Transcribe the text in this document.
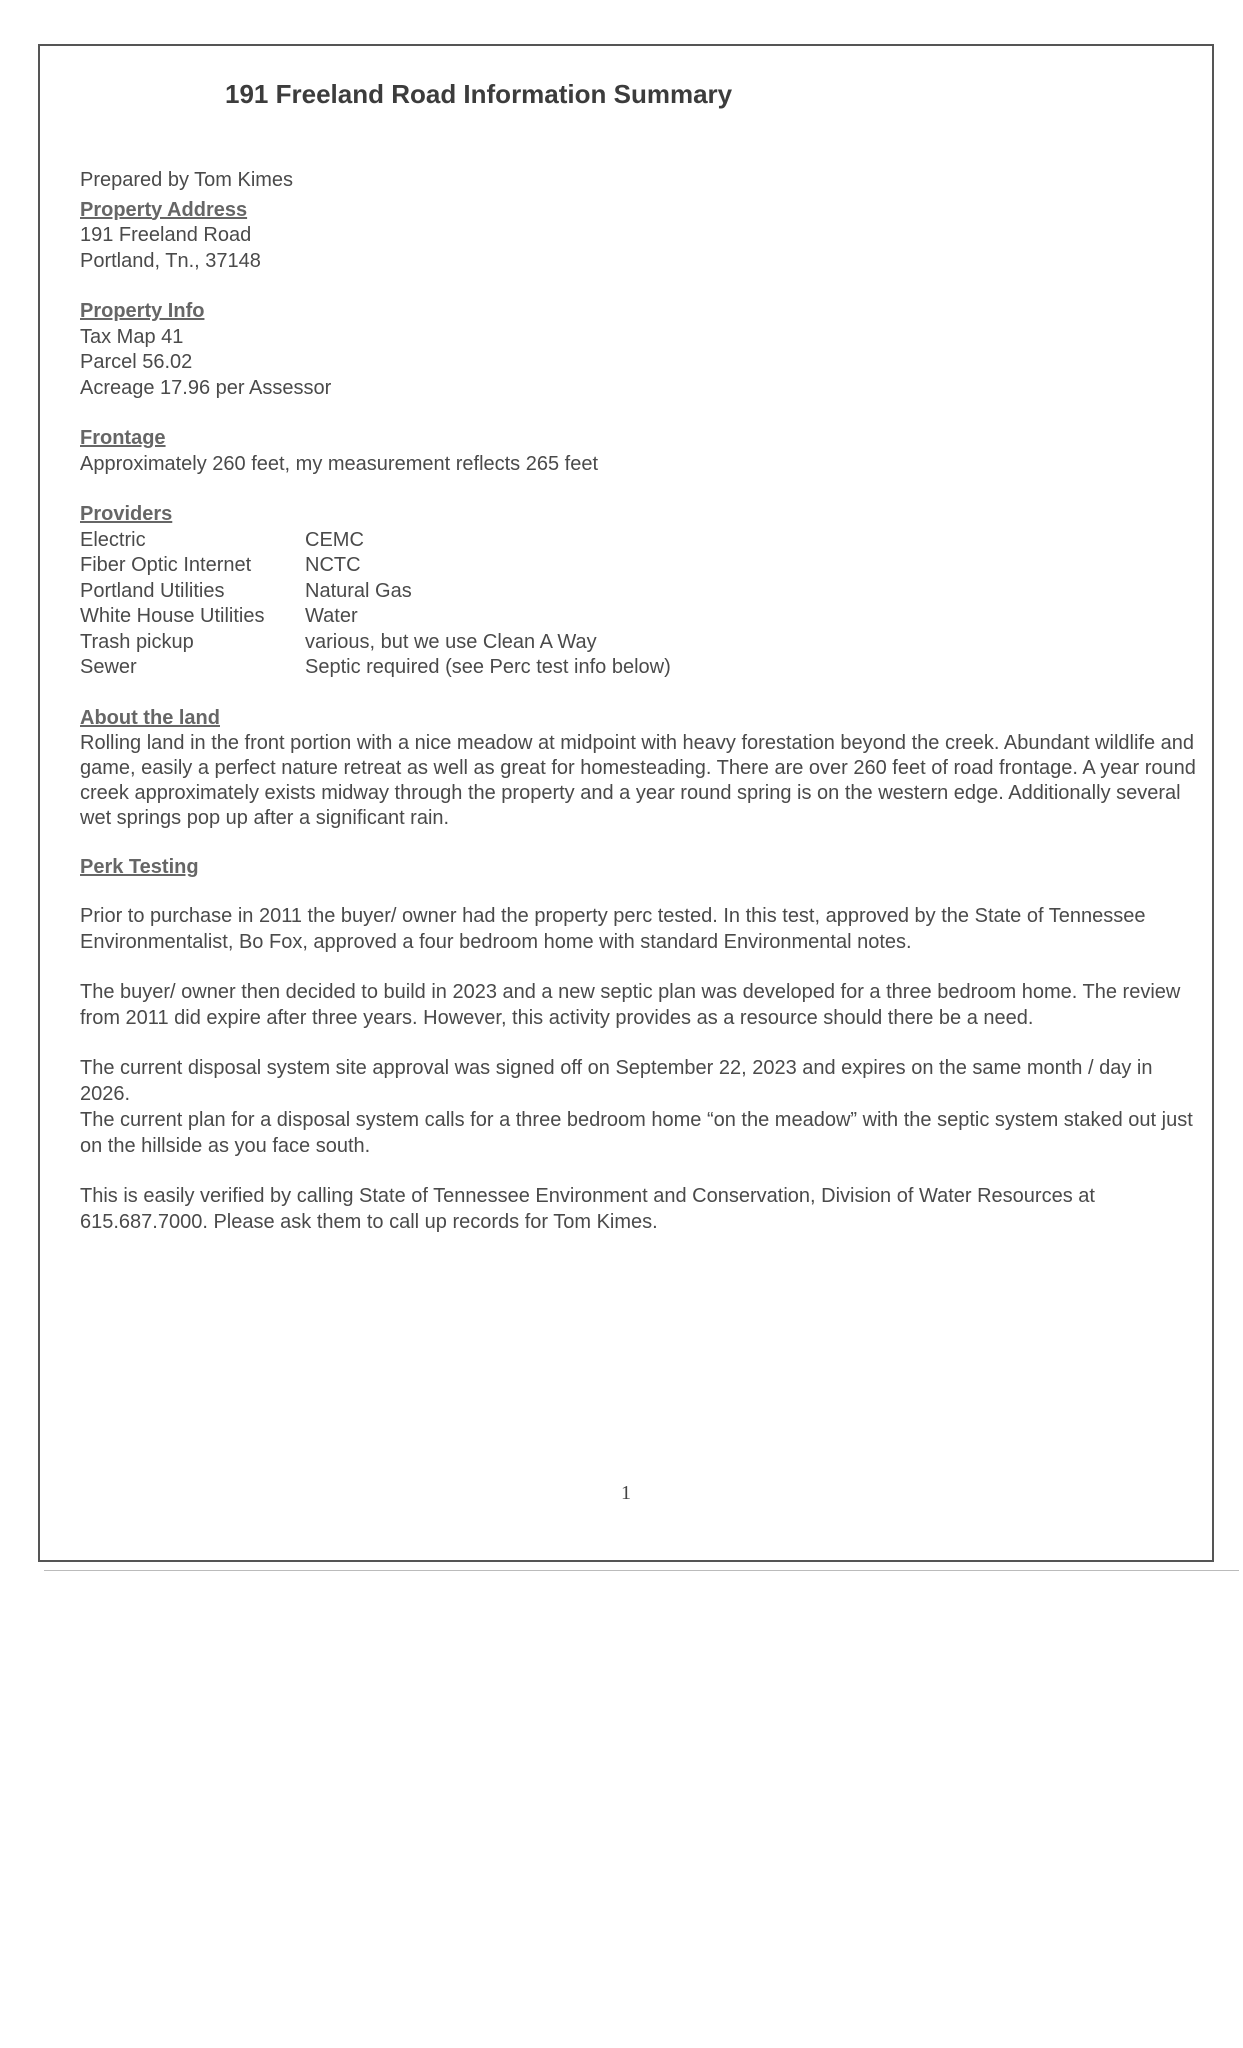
191 Freeland Road Information Summary
Prepared by Tom Kimes
Property Address
191 Freeland Road
Portland, Tn., 37148
Property Info
Tax Map 41
Parcel 56.02
Acreage 17.96 per Assessor
Frontage
Approximately 260 feet, my measurement reflects 265 feet
Providers
Electric	CEMC
Fiber Optic Internet	NCTC
Portland Utilities	Natural Gas
White House Utilities	Water
Trash pickup	various, but we use Clean A Way
Sewer	Septic required (see Perc test info below)
About the land

Rolling land in the front portion with a nice meadow at midpoint with heavy forestation beyond the creek. Abundant wildlife and game, easily a perfect nature retreat as well as great for homesteading. There are over 260 feet of road frontage. A year round creek approximately exists midway through the property and a year round spring is on the western edge. Additionally several wet springs pop up after a significant rain.

Perk Testing

Prior to purchase in 2011 the buyer/ owner had the property perc tested. In this test, approved by the State of Tennessee Environmentalist, Bo Fox, approved a four bedroom home with standard Environmental notes.

The buyer/ owner then decided to build in 2023 and a new septic plan was developed for a three bedroom home. The review from 2011 did expire after three years. However, this activity provides as a resource should there be a need.

The current disposal system site approval was signed off on September 22, 2023 and expires on the same month / day in 2026.

The current plan for a disposal system calls for a three bedroom home “on the meadow” with the septic system staked out just on the hillside as you face south.

This is easily verified by calling State of Tennessee Environment and Conservation, Division of Water Resources at 615.687.7000. Please ask them to call up records for Tom Kimes.

1
